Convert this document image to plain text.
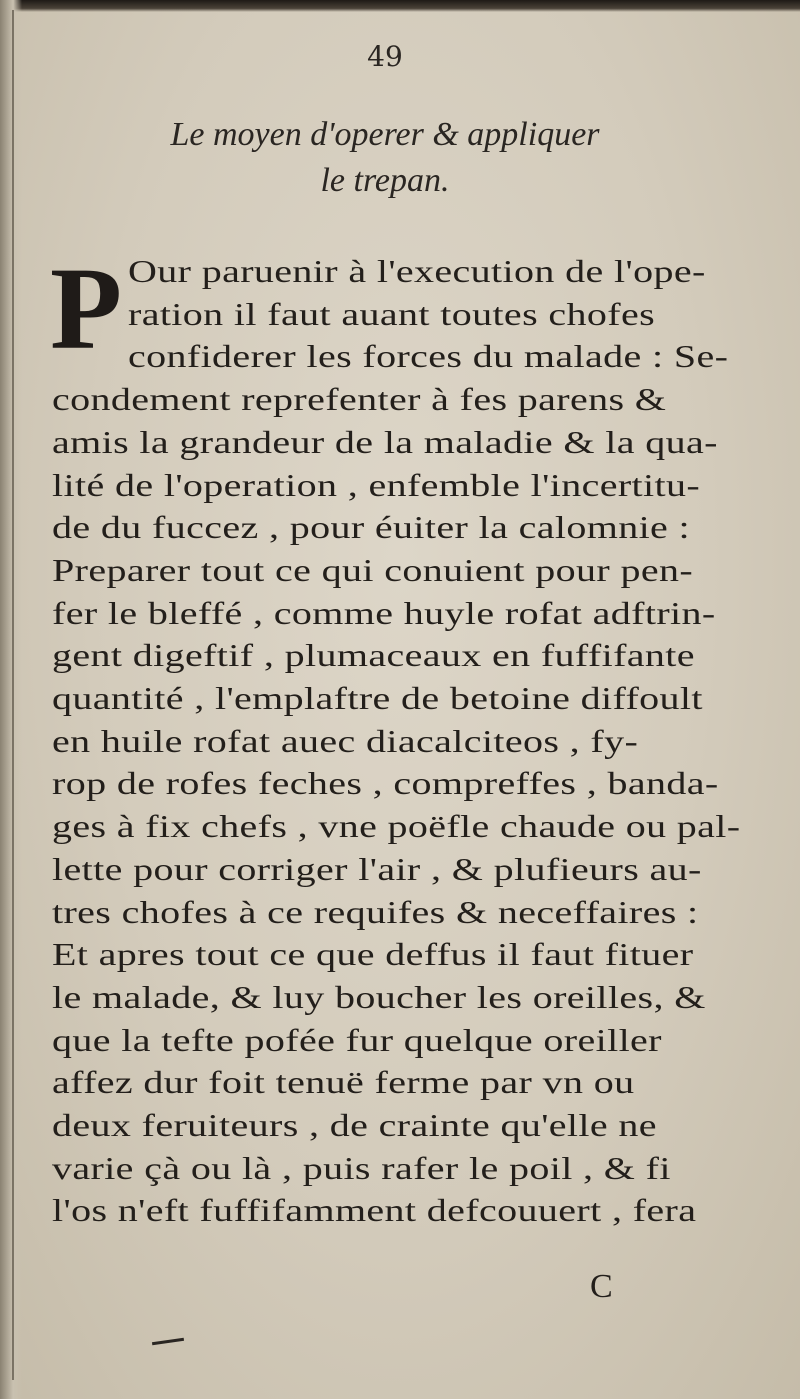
49
Le moyen d'operer & appliquer
le trepan.
P Our paruenir à l'execution de l'ope-
ration il faut auant toutes chofes
confiderer les forces du malade : Se-
condement reprefenter à fes parens &
amis la grandeur de la maladie & la qua-
lité de l'operation , enfemble l'incertitu-
de du fuccez , pour éuiter la calomnie :
Preparer tout ce qui conuient pour pen-
fer le bleffé , comme huyle rofat adftrin-
gent digeftif , plumaceaux en fuffifante
quantité , l'emplaftre de betoine diffoult
en huile rofat auec diacalciteos , fy-
rop de rofes feches , compreffes , banda-
ges à fix chefs , vne poëfle chaude ou pal-
lette pour corriger l'air , & plufieurs au-
tres chofes à ce requifes & neceffaires :
Et apres tout ce que deffus il faut fituer
le malade, & luy boucher les oreilles, &
que la tefte pofée fur quelque oreiller
affez dur foit tenuë ferme par vn ou
deux feruiteurs , de crainte qu'elle ne
varie çà ou là , puis rafer le poil , & fi
l'os n'eft fuffifamment defcouuert , fera
C
